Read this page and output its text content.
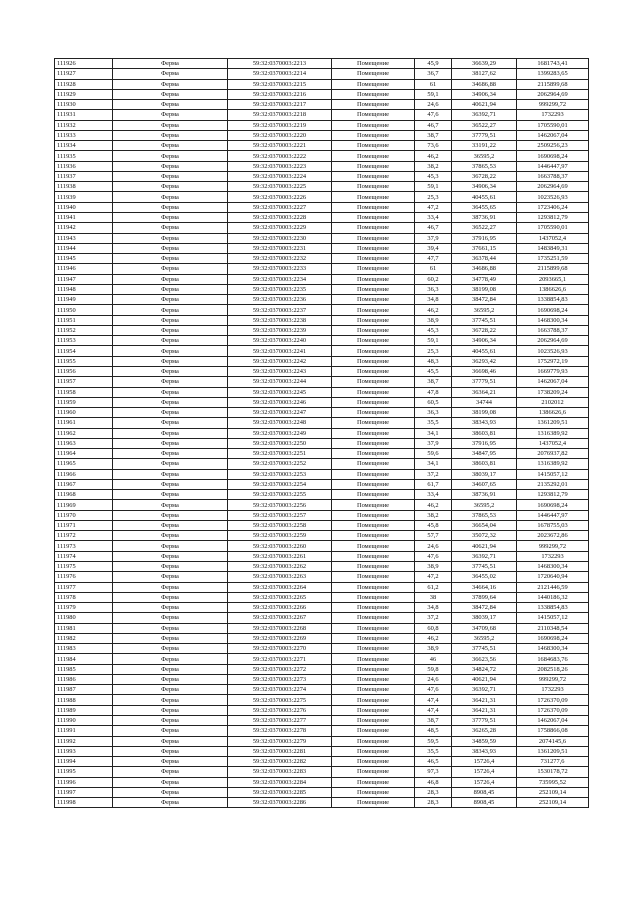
111926	Ферма	59:32:0370003:2213	Помещение	45,9	36639,29	1681743,41
111927	Ферма	59:32:0370003:2214	Помещение	36,7	38127,62	1399283,65
111928	Ферма	59:32:0370003:2215	Помещение	61	34686,88	2115899,68
111929	Ферма	59:32:0370003:2216	Помещение	59,1	34906,34	2062964,69
111930	Ферма	59:32:0370003:2217	Помещение	24,6	40621,94	999299,72
111931	Ферма	59:32:0370003:2218	Помещение	47,6	36392,71	1732293
111932	Ферма	59:32:0370003:2219	Помещение	46,7	36522,27	1705590,01
111933	Ферма	59:32:0370003:2220	Помещение	38,7	37779,51	1462067,04
111934	Ферма	59:32:0370003:2221	Помещение	73,6	33191,22	2509256,23
111935	Ферма	59:32:0370003:2222	Помещение	46,2	36595,2	1690698,24
111936	Ферма	59:32:0370003:2223	Помещение	38,2	37865,53	1446447,97
111937	Ферма	59:32:0370003:2224	Помещение	45,3	36728,22	1663788,37
111938	Ферма	59:32:0370003:2225	Помещение	59,1	34906,34	2062964,69
111939	Ферма	59:32:0370003:2226	Помещение	25,3	40455,61	1023526,93
111940	Ферма	59:32:0370003:2227	Помещение	47,2	36455,65	1723406,24
111941	Ферма	59:32:0370003:2228	Помещение	33,4	38736,91	1293812,79
111942	Ферма	59:32:0370003:2229	Помещение	46,7	36522,27	1705590,01
111943	Ферма	59:32:0370003:2230	Помещение	37,9	37916,95	1437052,4
111944	Ферма	59:32:0370003:2231	Помещение	39,4	37661,15	1483849,31
111945	Ферма	59:32:0370003:2232	Помещение	47,7	36378,44	1735251,59
111946	Ферма	59:32:0370003:2233	Помещение	61	34686,88	2115899,68
111947	Ферма	59:32:0370003:2234	Помещение	60,2	34778,49	2093665,1
111948	Ферма	59:32:0370003:2235	Помещение	36,3	38199,08	1386626,6
111949	Ферма	59:32:0370003:2236	Помещение	34,8	38472,84	1338854,83
111950	Ферма	59:32:0370003:2237	Помещение	46,2	36595,2	1690698,24
111951	Ферма	59:32:0370003:2238	Помещение	38,9	37745,51	1468300,34
111952	Ферма	59:32:0370003:2239	Помещение	45,3	36728,22	1663788,37
111953	Ферма	59:32:0370003:2240	Помещение	59,1	34906,34	2062964,69
111954	Ферма	59:32:0370003:2241	Помещение	25,3	40455,61	1023526,93
111955	Ферма	59:32:0370003:2242	Помещение	48,3	36293,42	1752972,19
111956	Ферма	59:32:0370003:2243	Помещение	45,5	36698,46	1669779,93
111957	Ферма	59:32:0370003:2244	Помещение	38,7	37779,51	1462067,04
111958	Ферма	59:32:0370003:2245	Помещение	47,8	36364,21	1738209,24
111959	Ферма	59:32:0370003:2246	Помещение	60,5	34744	2102012
111960	Ферма	59:32:0370003:2247	Помещение	36,3	38199,08	1386626,6
111961	Ферма	59:32:0370003:2248	Помещение	35,5	38343,93	1361209,51
111962	Ферма	59:32:0370003:2249	Помещение	34,1	38603,81	1316389,92
111963	Ферма	59:32:0370003:2250	Помещение	37,9	37916,95	1437052,4
111964	Ферма	59:32:0370003:2251	Помещение	59,6	34847,95	2076937,82
111965	Ферма	59:32:0370003:2252	Помещение	34,1	38603,81	1316389,92
111966	Ферма	59:32:0370003:2253	Помещение	37,2	38039,17	1415057,12
111967	Ферма	59:32:0370003:2254	Помещение	61,7	34607,65	2135292,01
111968	Ферма	59:32:0370003:2255	Помещение	33,4	38736,91	1293812,79
111969	Ферма	59:32:0370003:2256	Помещение	46,2	36595,2	1690698,24
111970	Ферма	59:32:0370003:2257	Помещение	38,2	37865,53	1446447,97
111971	Ферма	59:32:0370003:2258	Помещение	45,8	36654,04	1678755,03
111972	Ферма	59:32:0370003:2259	Помещение	57,7	35072,32	2023672,86
111973	Ферма	59:32:0370003:2260	Помещение	24,6	40621,94	999299,72
111974	Ферма	59:32:0370003:2261	Помещение	47,6	36392,71	1732293
111975	Ферма	59:32:0370003:2262	Помещение	38,9	37745,51	1468300,34
111976	Ферма	59:32:0370003:2263	Помещение	47,2	36455,02	1720640,94
111977	Ферма	59:32:0370003:2264	Помещение	61,2	34664,16	2121446,59
111978	Ферма	59:32:0370003:2265	Помещение	38	37899,64	1440186,32
111979	Ферма	59:32:0370003:2266	Помещение	34,8	38472,84	1338854,83
111980	Ферма	59:32:0370003:2267	Помещение	37,2	38039,17	1415057,12
111981	Ферма	59:32:0370003:2268	Помещение	60,8	34709,68	2110348,54
111982	Ферма	59:32:0370003:2269	Помещение	46,2	36595,2	1690698,24
111983	Ферма	59:32:0370003:2270	Помещение	38,9	37745,51	1468300,34
111984	Ферма	59:32:0370003:2271	Помещение	46	36623,56	1684683,76
111985	Ферма	59:32:0370003:2272	Помещение	59,8	34824,72	2082518,26
111986	Ферма	59:32:0370003:2273	Помещение	24,6	40621,94	999299,72
111987	Ферма	59:32:0370003:2274	Помещение	47,6	36392,71	1732293
111988	Ферма	59:32:0370003:2275	Помещение	47,4	36421,31	1726370,09
111989	Ферма	59:32:0370003:2276	Помещение	47,4	36421,31	1726370,09
111990	Ферма	59:32:0370003:2277	Помещение	38,7	37779,51	1462067,04
111991	Ферма	59:32:0370003:2278	Помещение	48,5	36265,28	1758866,08
111992	Ферма	59:32:0370003:2279	Помещение	59,5	34859,59	2074145,6
111993	Ферма	59:32:0370003:2281	Помещение	35,5	38343,93	1361209,51
111994	Ферма	59:32:0370003:2282	Помещение	46,5	15726,4	731277,6
111995	Ферма	59:32:0370003:2283	Помещение	97,3	15726,4	1530178,72
111996	Ферма	59:32:0370003:2284	Помещение	46,8	15726,4	735995,52
111997	Ферма	59:32:0370003:2285	Помещение	28,3	8908,45	252109,14
111998	Ферма	59:32:0370003:2286	Помещение	28,3	8908,45	252109,14
